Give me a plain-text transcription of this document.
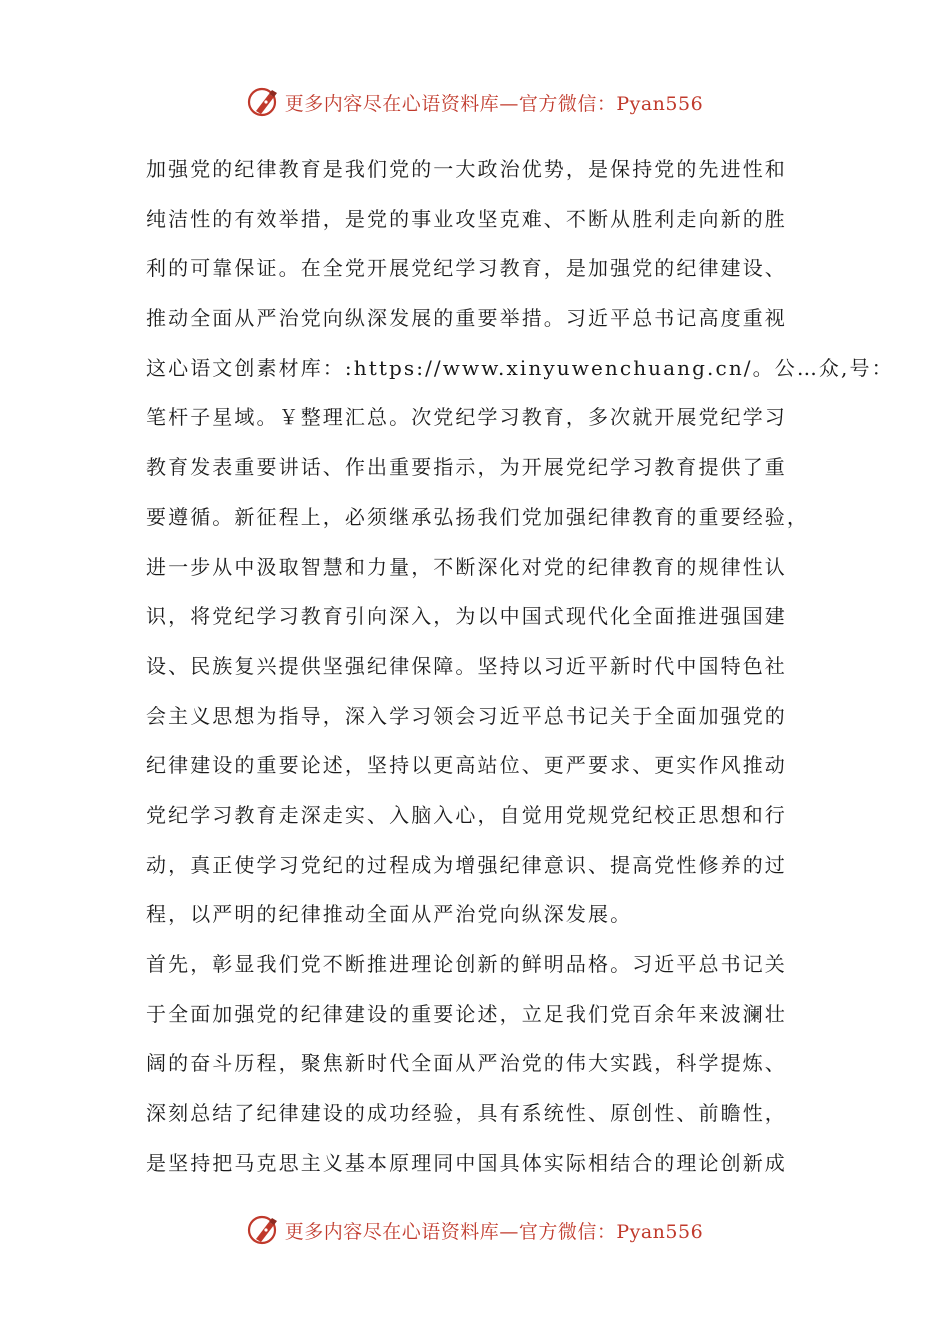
更多内容尽在心语资料库—官方微信：Pyan556
加强党的纪律教育是我们党的一大政治优势，是保持党的先进性和
纯洁性的有效举措，是党的事业攻坚克难、不断从胜利走向新的胜
利的可靠保证。在全党开展党纪学习教育，是加强党的纪律建设、
推动全面从严治党向纵深发展的重要举措。习近平总书记高度重视
这心语文创素材库：:https://www.xinyuwenchuang.cn/。公…众,号：
笔杆子星域。￥整理汇总。次党纪学习教育，多次就开展党纪学习
教育发表重要讲话、作出重要指示，为开展党纪学习教育提供了重
要遵循。新征程上，必须继承弘扬我们党加强纪律教育的重要经验，
进一步从中汲取智慧和力量，不断深化对党的纪律教育的规律性认
识，将党纪学习教育引向深入，为以中国式现代化全面推进强国建
设、民族复兴提供坚强纪律保障。坚持以习近平新时代中国特色社
会主义思想为指导，深入学习领会习近平总书记关于全面加强党的
纪律建设的重要论述，坚持以更高站位、更严要求、更实作风推动
党纪学习教育走深走实、入脑入心，自觉用党规党纪校正思想和行
动，真正使学习党纪的过程成为增强纪律意识、提高党性修养的过
程，以严明的纪律推动全面从严治党向纵深发展。
首先，彰显我们党不断推进理论创新的鲜明品格。习近平总书记关
于全面加强党的纪律建设的重要论述，立足我们党百余年来波澜壮
阔的奋斗历程，聚焦新时代全面从严治党的伟大实践，科学提炼、
深刻总结了纪律建设的成功经验，具有系统性、原创性、前瞻性，
是坚持把马克思主义基本原理同中国具体实际相结合的理论创新成
更多内容尽在心语资料库—官方微信：Pyan556
